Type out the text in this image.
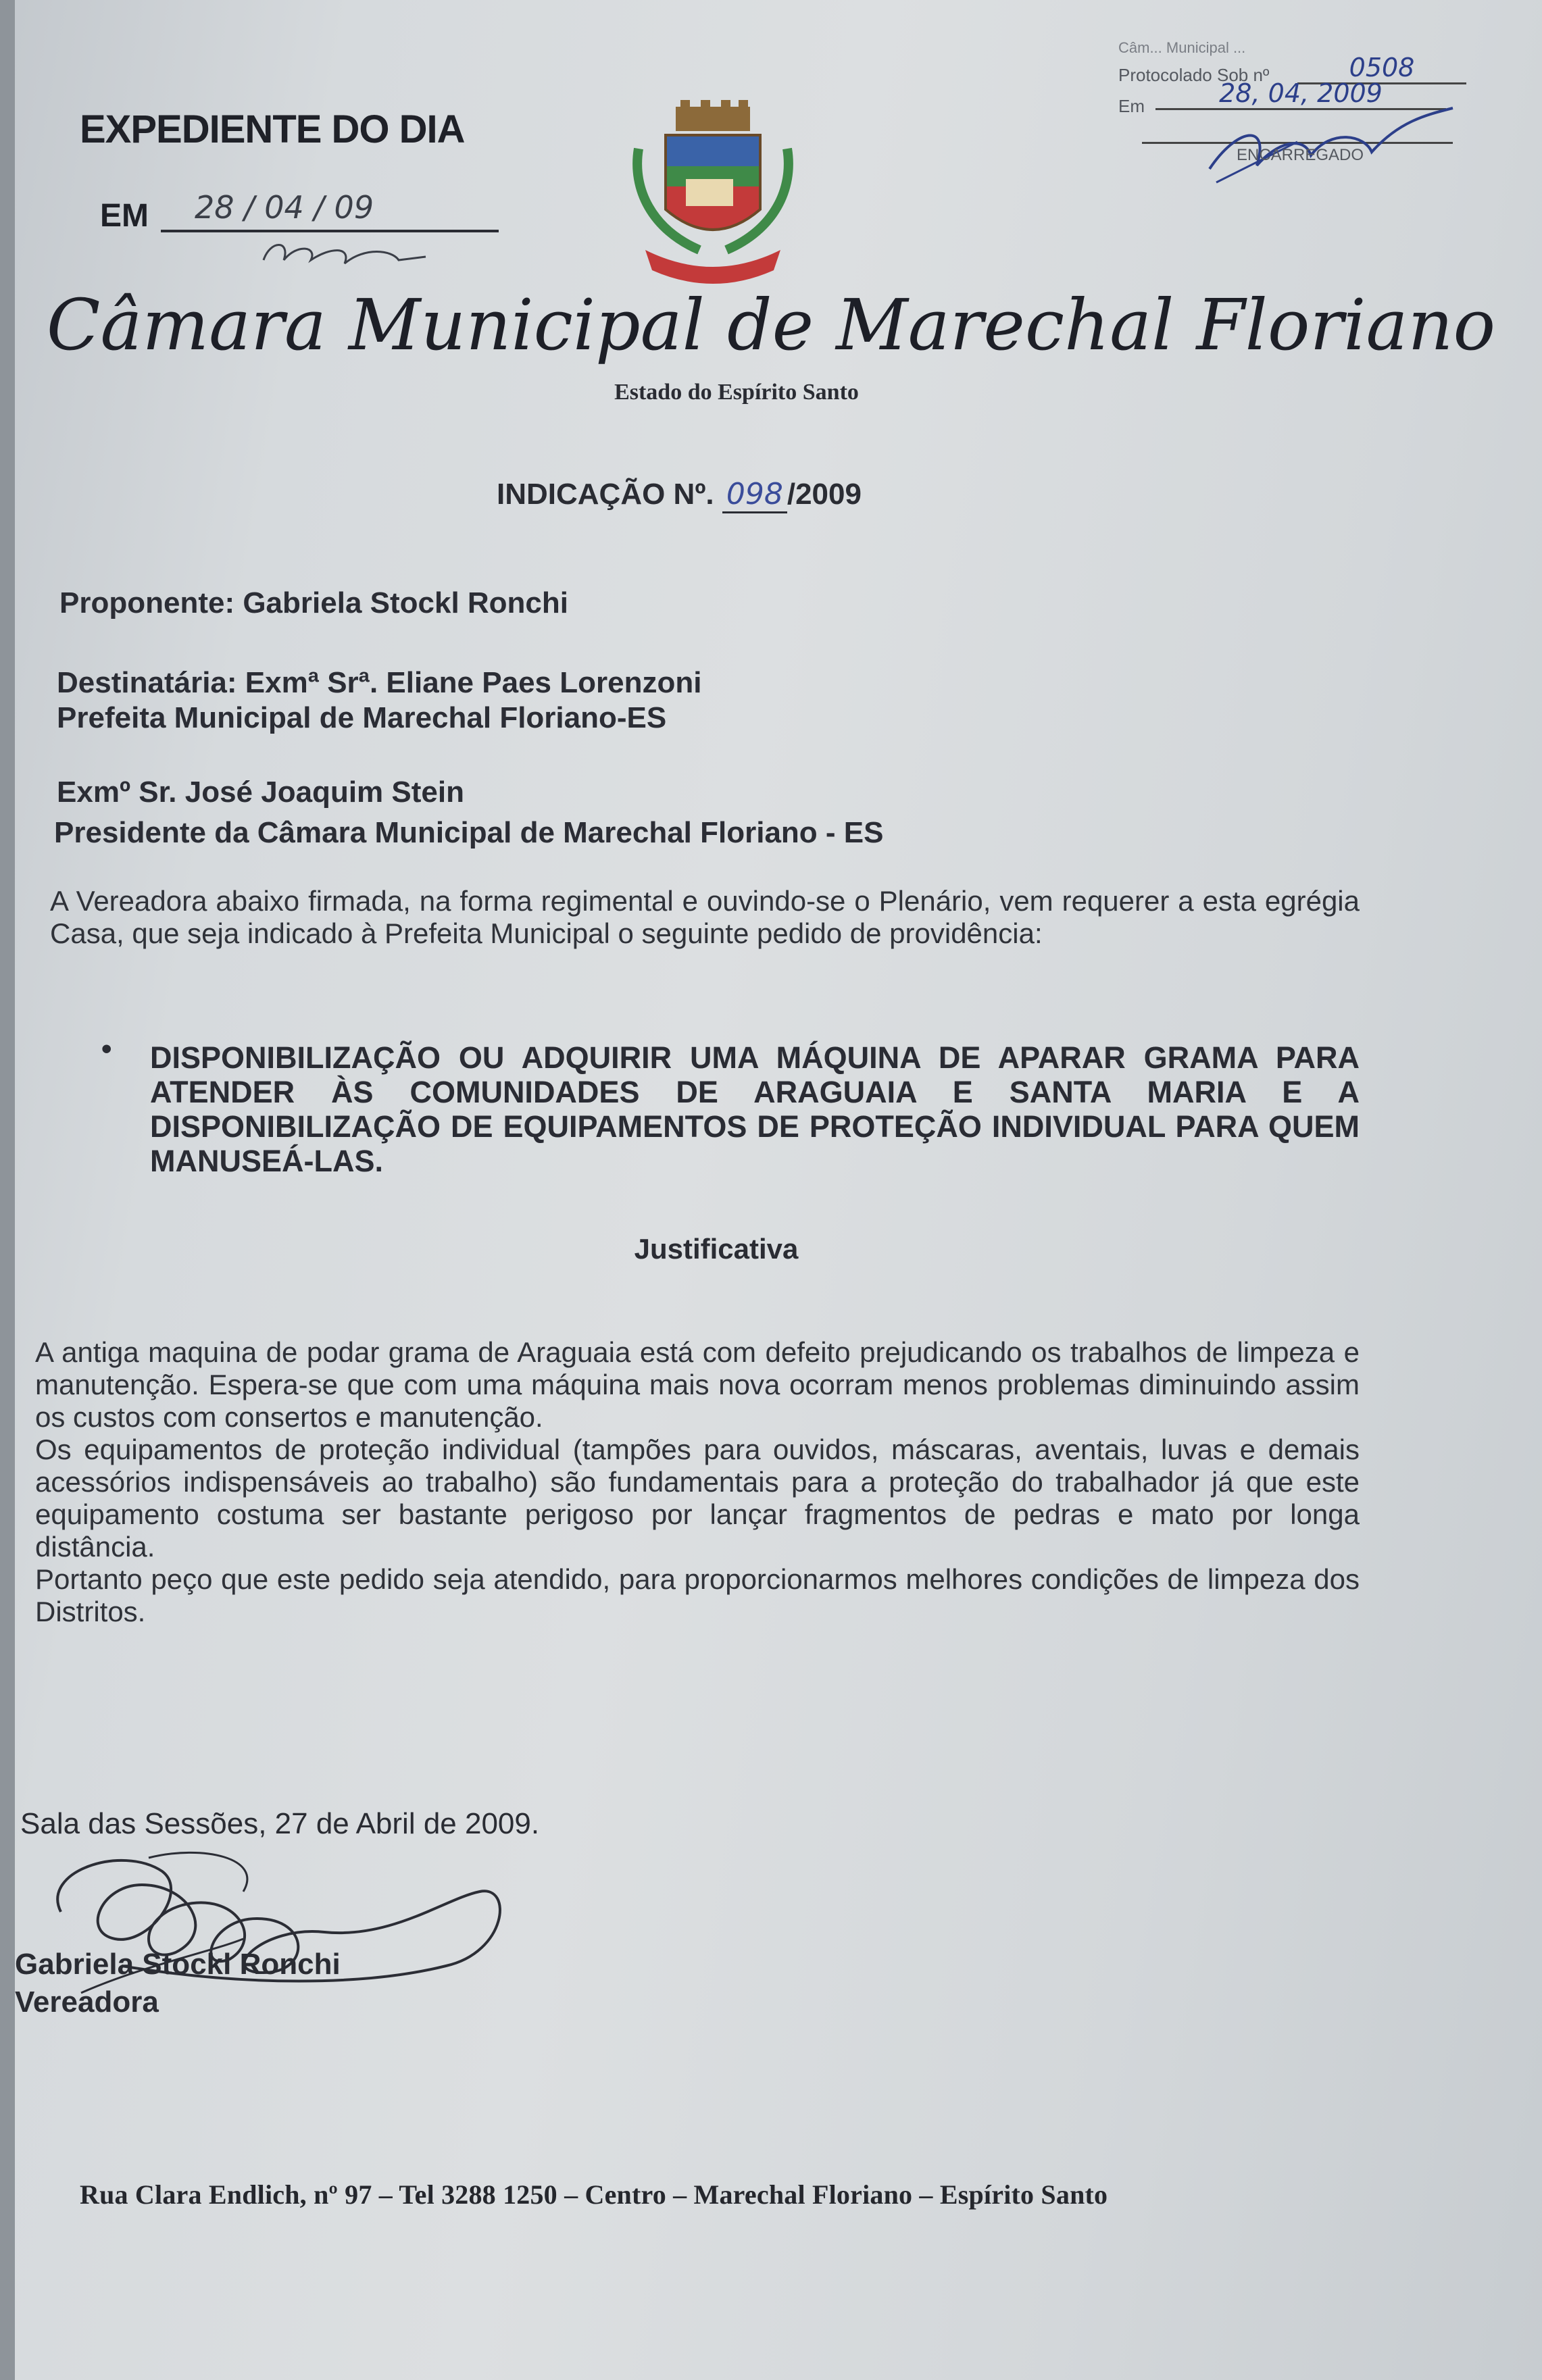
Câm... Municipal ...
Protocolado Sob nº	0508
Em	28, 04, 2009
ENCARREGADO
EXPEDIENTE DO DIA
EM	28 / 04 / 09
Câmara Municipal de Marechal Floriano
Estado do Espírito Santo
INDICAÇÃO Nº. 098 /2009
Proponente: Gabriela Stockl Ronchi
Destinatária: Exmª Srª. Eliane Paes Lorenzoni
Prefeita Municipal de Marechal Floriano-ES
Exmº Sr. José Joaquim Stein
Presidente da Câmara Municipal de Marechal Floriano - ES

A Vereadora abaixo firmada, na forma regimental e ouvindo-se o Plenário, vem requerer a esta egrégia Casa, que seja indicado à Prefeita Municipal o seguinte pedido de providência:

• DISPONIBILIZAÇÃO OU ADQUIRIR UMA MÁQUINA DE APARAR GRAMA PARA ATENDER ÀS COMUNIDADES DE ARAGUAIA E SANTA MARIA E A DISPONIBILIZAÇÃO DE EQUIPAMENTOS DE PROTEÇÃO INDIVIDUAL PARA QUEM MANUSEÁ-LAS.
Justificativa

A antiga maquina de podar grama de Araguaia está com defeito prejudicando os trabalhos de limpeza e manutenção. Espera-se que com uma máquina mais nova ocorram menos problemas diminuindo assim os custos com consertos e manutenção.

Os equipamentos de proteção individual (tampões para ouvidos, máscaras, aventais, luvas e demais acessórios indispensáveis ao trabalho) são fundamentais para a proteção do trabalhador já que este equipamento costuma ser bastante perigoso por lançar fragmentos de pedras e mato por longa distância.

Portanto peço que este pedido seja atendido, para proporcionarmos melhores condições de limpeza dos Distritos.

Sala das Sessões, 27 de Abril de 2009.
Gabriela Stockl Ronchi
Vereadora
Rua Clara Endlich, nº 97 – Tel 3288 1250 – Centro – Marechal Floriano – Espírito Santo
